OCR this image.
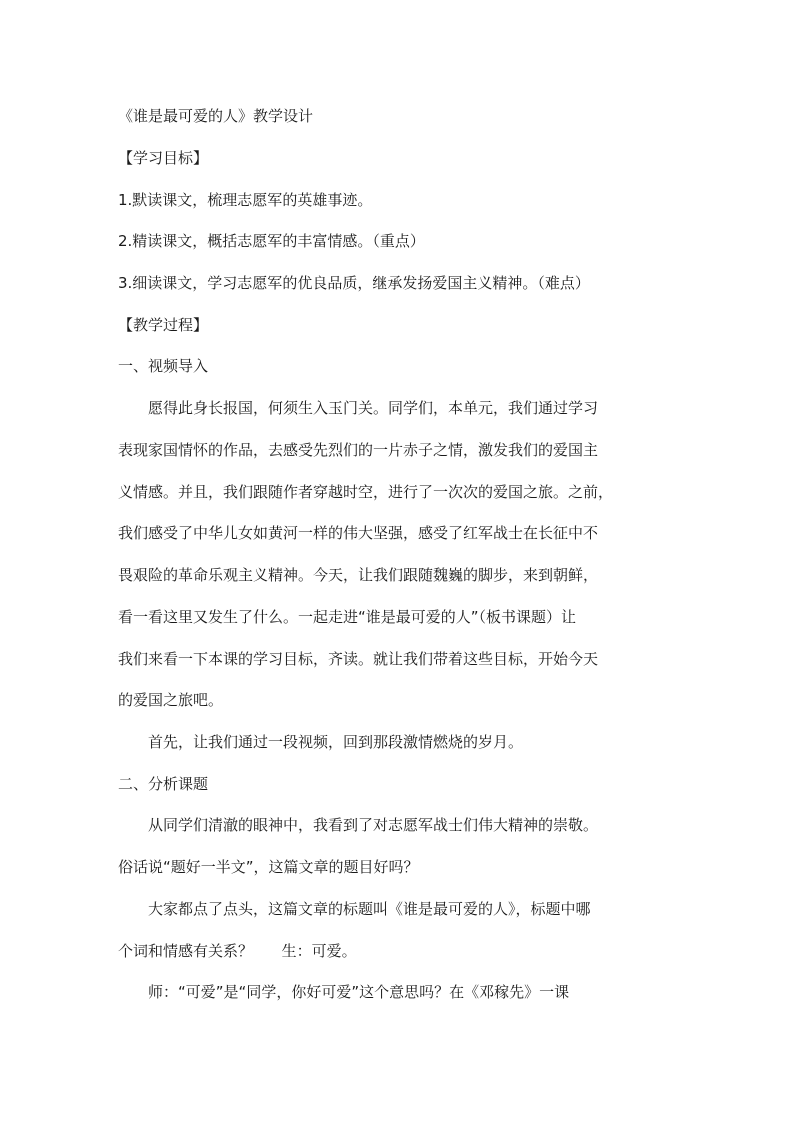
《谁是最可爱的人》教学设计
【学习目标】
1.默读课文，梳理志愿军的英雄事迹。
2.精读课文，概括志愿军的丰富情感。（重点）
3.细读课文，学习志愿军的优良品质，继承发扬爱国主义精神。（难点）
【教学过程】
一、视频导入
愿得此身长报国，何须生入玉门关。同学们，本单元，我们通过学习
表现家国情怀的作品，去感受先烈们的一片赤子之情，激发我们的爱国主
义情感。并且，我们跟随作者穿越时空，进行了一次次的爱国之旅。之前，
我们感受了中华儿女如黄河一样的伟大坚强，感受了红军战士在长征中不
畏艰险的革命乐观主义精神。今天，让我们跟随魏巍的脚步，来到朝鲜，
看一看这里又发生了什么。一起走进“谁是最可爱的人”（板书课题）让
我们来看一下本课的学习目标，齐读。就让我们带着这些目标，开始今天
的爱国之旅吧。
首先，让我们通过一段视频，回到那段激情燃烧的岁月。
二、分析课题
从同学们清澈的眼神中，我看到了对志愿军战士们伟大精神的崇敬。
俗话说“题好一半文”，这篇文章的题目好吗？
大家都点了点头，这篇文章的标题叫《谁是最可爱的人》，标题中哪
个词和情感有关系？      生：可爱。
师：“可爱”是“同学，你好可爱”这个意思吗？在《邓稼先》一课
